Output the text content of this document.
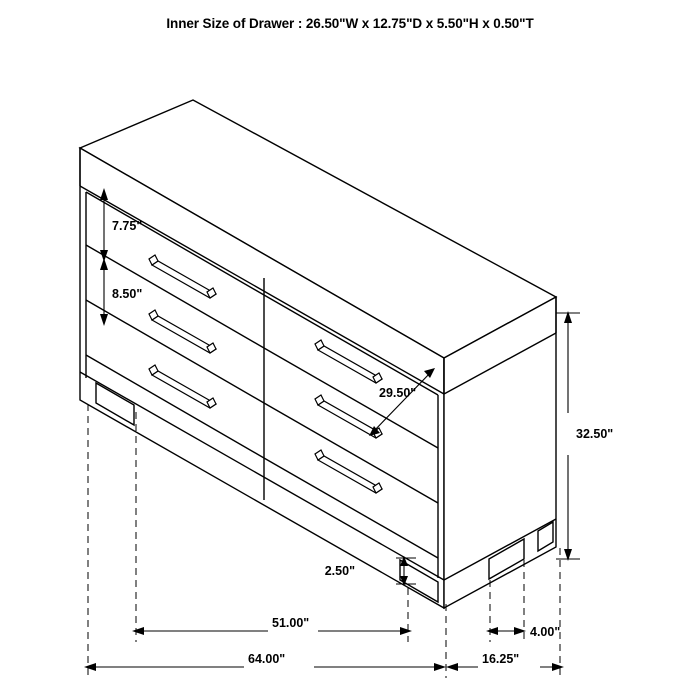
Inner Size of Drawer : 26.50"W x 12.75"D x 5.50"H x 0.50"T
7.75"
8.50"
29.50"
32.50"
2.50"
51.00"
64.00"	16.25"
4.00"
